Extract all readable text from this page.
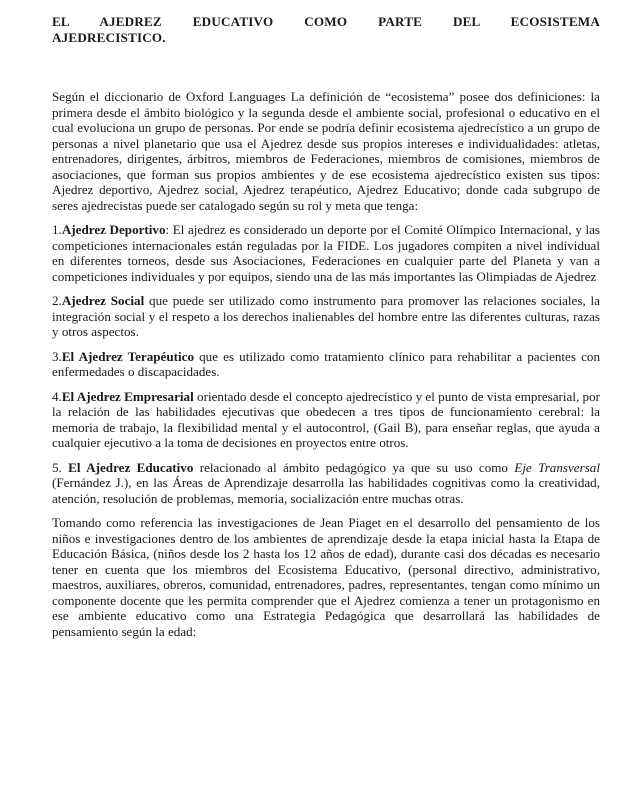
EL AJEDREZ EDUCATIVO COMO PARTE DEL ECOSISTEMA
AJEDRECISTICO.

Según el diccionario de Oxford Languages La definición de “ecosistema” posee dos definiciones: la primera desde el ámbito biológico y la segunda desde el ambiente social, profesional o educativo en el cual evoluciona un grupo de personas. Por ende se podría definir ecosistema ajedrecístico a un grupo de personas a nivel planetario que usa el Ajedrez desde sus propios intereses e individualidades: atletas, entrenadores, dirigentes, árbitros, miembros de Federaciones, miembros de comisiones, miembros de asociaciones, que forman sus propios ambientes y de ese ecosistema ajedrecístico existen sus tipos: Ajedrez deportivo, Ajedrez social, Ajedrez terapéutico, Ajedrez Educativo; donde cada subgrupo de seres ajedrecistas puede ser catalogado según su rol y meta que tenga:

1.Ajedrez Deportivo: El ajedrez es considerado un deporte por el Comité Olímpico Internacional, y las competiciones internacionales están reguladas por la FIDE. Los jugadores compiten a nivel individual en diferentes torneos, desde sus Asociaciones, Federaciones en cualquier parte del Planeta y van a competiciones individuales y por equipos, siendo una de las más importantes las Olimpiadas de Ajedrez

2.Ajedrez Social que puede ser utilizado como instrumento para promover las relaciones sociales, la integración social y el respeto a los derechos inalienables del hombre entre las diferentes culturas, razas y otros aspectos.

3.El Ajedrez Terapéutico que es utilizado como tratamiento clínico para rehabilitar a pacientes con enfermedades o discapacidades.

4.El Ajedrez Empresarial orientado desde el concepto ajedrecístico y el punto de vista empresarial, por la relación de las habilidades ejecutivas que obedecen a tres tipos de funcionamiento cerebral: la memoria de trabajo, la flexibilidad mental y el autocontrol, (Gail B), para enseñar reglas, que ayuda a cualquier ejecutivo a la toma de decisiones en proyectos entre otros.

5. El Ajedrez Educativo relacionado al ámbito pedagógico ya que su uso como Eje Transversal (Fernández J.), en las Áreas de Aprendizaje desarrolla las habilidades cognitivas como la creatividad, atención, resolución de problemas, memoria, socialización entre muchas otras.

Tomando como referencia las investigaciones de Jean Piaget en el desarrollo del pensamiento de los niños e investigaciones dentro de los ambientes de aprendizaje desde la etapa inicial hasta la Etapa de Educación Básica, (niños desde los 2 hasta los 12 años de edad), durante casi dos décadas es necesario tener en cuenta que los miembros del Ecosistema Educativo, (personal directivo, administrativo, maestros, auxiliares, obreros, comunidad, entrenadores, padres, representantes, tengan como mínimo un componente docente que les permita comprender que el Ajedrez comienza a tener un protagonismo en ese ambiente educativo como una Estrategia Pedagógica que desarrollará las habilidades de pensamiento según la edad:
